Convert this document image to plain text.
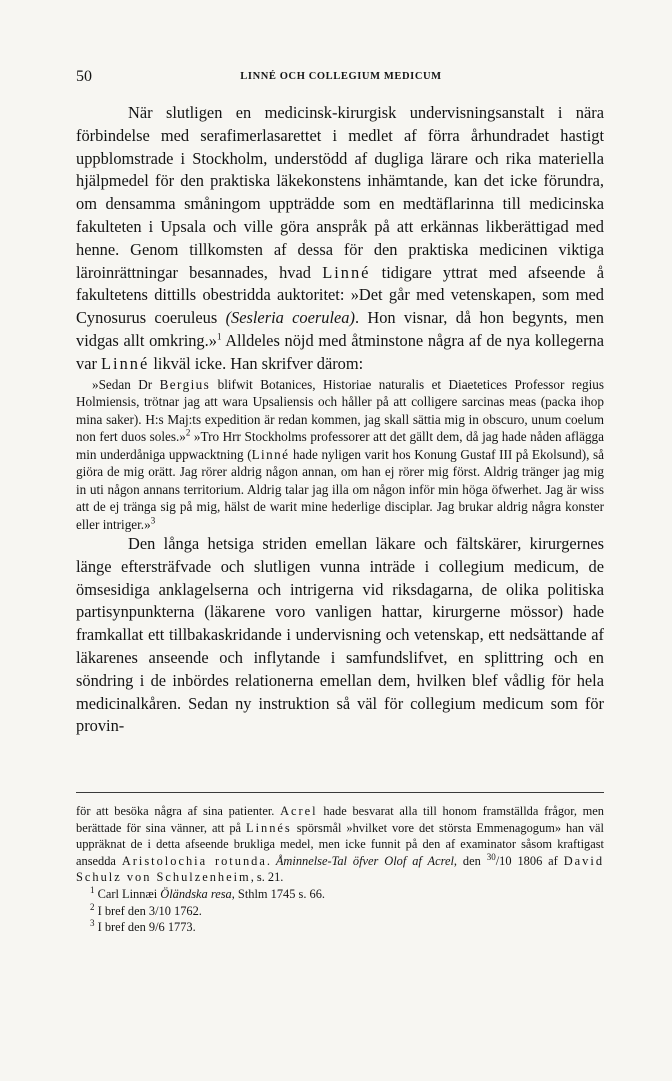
50	LINNÉ OCH COLLEGIUM MEDICUM

När slutligen en medicinsk-kirurgisk undervisningsanstalt i nära förbindelse med serafimerlasarettet i medlet af förra århundradet hastigt uppblomstrade i Stockholm, understödd af dugliga lärare och rika materiella hjälpmedel för den praktiska läkekonstens inhämtande, kan det icke förundra, om densamma småningom uppträdde som en medtäflarinna till medicinska fakulteten i Upsala och ville göra anspråk på att erkännas likberättigad med henne. Genom tillkomsten af dessa för den praktiska medicinen viktiga läroinrättningar besannades, hvad Linné tidigare yttrat med afseende å fakultetens dittills obestridda auktoritet: »Det går med vetenskapen, som med Cynosurus coeruleus (Sesleria coerulea). Hon visnar, då hon begynts, men vidgas allt omkring.»$^1$ Alldeles nöjd med åtminstone några af de nya kollegerna var Linné likväl icke. Han skrifver därom:

»Sedan Dr Bergius blifwit Botanices, Historiae naturalis et Diaetetices Professor regius Holmiensis, trötnar jag att wara Upsaliensis och håller på att colligere sarcinas meas (packa ihop mina saker). H:s Maj:ts expedition är redan kommen, jag skall sättia mig in obscuro, unum coelum non fert duos soles.»$^2$ »Tro Hrr Stockholms professorer att det gällt dem, då jag hade nåden aflägga min underdåniga uppwacktning (Linné hade nyligen varit hos Konung Gustaf III på Ekolsund), så giöra de mig orätt. Jag rörer aldrig någon annan, om han ej rörer mig först. Aldrig tränger jag mig in uti någon annans territorium. Aldrig talar jag illa om någon inför min höga öfwerhet. Jag är wiss att de ej tränga sig på mig, hälst de warit mine hederlige disciplar. Jag brukar aldrig några konster eller intriger.»$^3$

Den långa hetsiga striden emellan läkare och fältskärer, kirurgernes länge eftersträfvade och slutligen vunna inträde i collegium medicum, de ömsesidiga anklagelserna och intrigerna vid riksdagarna, de olika politiska partisynpunkterna (läkarene voro vanligen hattar, kirurgerne mössor) hade framkallat ett tillbakaskridande i undervisning och vetenskap, ett nedsättande af läkarenes anseende och inflytande i samfundslifvet, en splittring och en söndring i de inbördes relationerna emellan dem, hvilken blef vådlig för hela medicinalkåren. Sedan ny instruktion så väl för collegium medicum som för provin-

för att besöka några af sina patienter. Acrel hade besvarat alla till honom framställda frågor, men berättade för sina vänner, att på Linnés spörsmål »hvilket vore det största Emmenagogum» han väl uppräknat de i detta afseende brukliga medel, men icke funnit på den af examinator såsom kraftigast ansedda Aristolochia rotunda. Åminnelse-Tal öfver Olof af Acrel, den $^{30}$/10 1806 af David Schulz von Schulzenheim, s. 21.

$^1$ Carl Linnæi Öländska resa, Sthlm 1745 s. 66.

$^2$ I bref den 3/10 1762.

$^3$ I bref den 9/6 1773.
